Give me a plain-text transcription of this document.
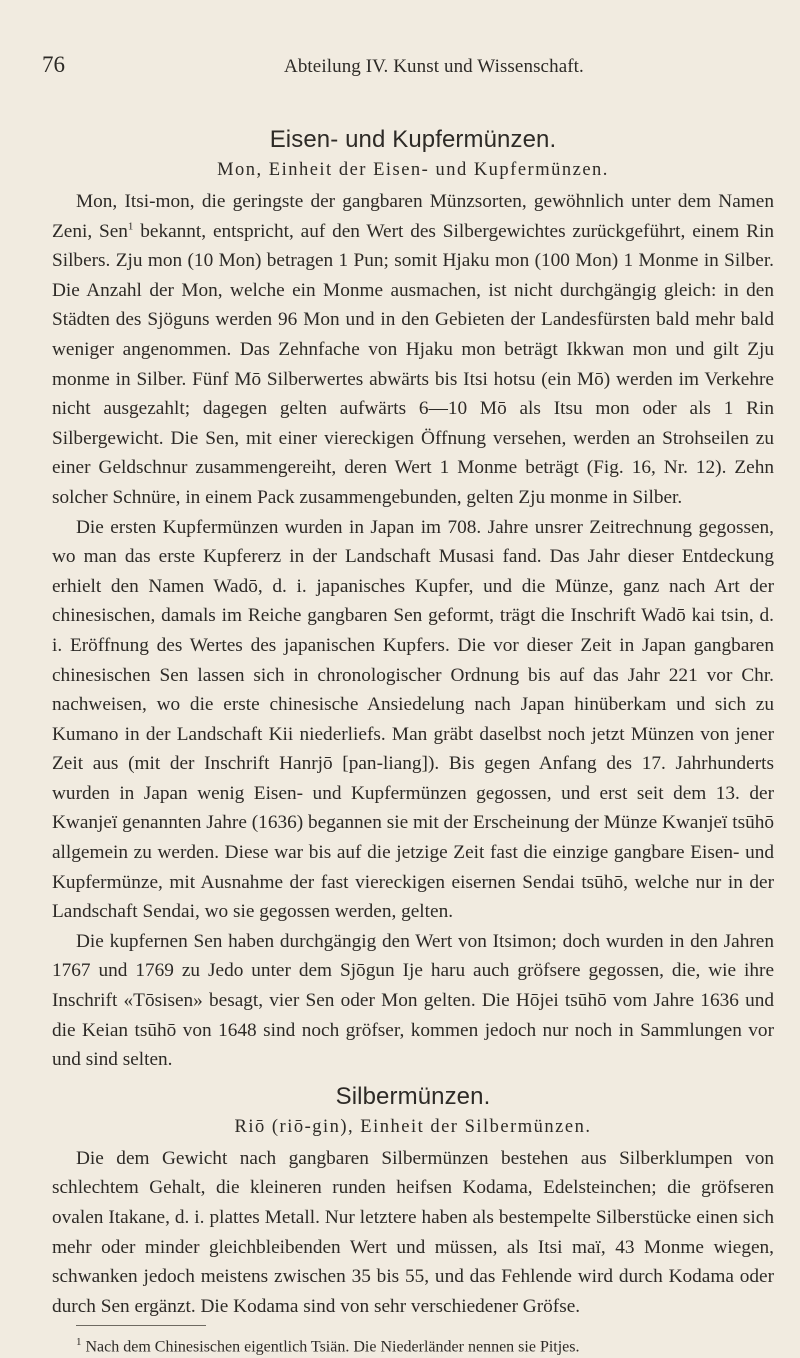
76	Abteilung IV. Kunst und Wissenschaft.
Eisen- und Kupfermünzen.
Mon, Einheit der Eisen- und Kupfermünzen.

Mon, Itsi-mon, die geringste der gangbaren Münzsorten, gewöhnlich unter dem Namen Zeni, Sen$^1$ bekannt, entspricht, auf den Wert des Silbergewichtes zurückgeführt, einem Rin Silbers. Zju mon (10 Mon) betragen 1 Pun; somit Hjaku mon (100 Mon) 1 Monme in Silber. Die Anzahl der Mon, welche ein Monme ausmachen, ist nicht durchgängig gleich: in den Städten des Sjöguns werden 96 Mon und in den Gebieten der Landesfürsten bald mehr bald weniger angenommen. Das Zehnfache von Hjaku mon beträgt Ikkwan mon und gilt Zju monme in Silber. Fünf Mō Silberwertes abwärts bis Itsi hotsu (ein Mō) werden im Verkehre nicht ausgezahlt; dagegen gelten aufwärts 6—10 Mō als Itsu mon oder als 1 Rin Silbergewicht. Die Sen, mit einer viereckigen Öffnung versehen, werden an Strohseilen zu einer Geldschnur zusammengereiht, deren Wert 1 Monme beträgt (Fig. 16, Nr. 12). Zehn solcher Schnüre, in einem Pack zusammengebunden, gelten Zju monme in Silber.

Die ersten Kupfermünzen wurden in Japan im 708. Jahre unsrer Zeitrechnung gegossen, wo man das erste Kupfererz in der Landschaft Musasi fand. Das Jahr dieser Entdeckung erhielt den Namen Wadō, d. i. japanisches Kupfer, und die Münze, ganz nach Art der chinesischen, damals im Reiche gangbaren Sen geformt, trägt die Inschrift Wadō kai tsin, d. i. Eröffnung des Wertes des japanischen Kupfers. Die vor dieser Zeit in Japan gangbaren chinesischen Sen lassen sich in chronologischer Ordnung bis auf das Jahr 221 vor Chr. nachweisen, wo die erste chinesische Ansiedelung nach Japan hinüberkam und sich zu Kumano in der Landschaft Kii niederliefs. Man gräbt daselbst noch jetzt Münzen von jener Zeit aus (mit der Inschrift Hanrjō [pan-liang]). Bis gegen Anfang des 17. Jahrhunderts wurden in Japan wenig Eisen- und Kupfermünzen gegossen, und erst seit dem 13. der Kwanjeï genannten Jahre (1636) begannen sie mit der Erscheinung der Münze Kwanjeï tsūhō allgemein zu werden. Diese war bis auf die jetzige Zeit fast die einzige gangbare Eisen- und Kupfermünze, mit Ausnahme der fast viereckigen eisernen Sendai tsūhō, welche nur in der Landschaft Sendai, wo sie gegossen werden, gelten.

Die kupfernen Sen haben durchgängig den Wert von Itsimon; doch wurden in den Jahren 1767 und 1769 zu Jedo unter dem Sjōgun Ije haru auch gröfsere gegossen, die, wie ihre Inschrift «Tōsisen» besagt, vier Sen oder Mon gelten. Die Hōjei tsūhō vom Jahre 1636 und die Keian tsūhō von 1648 sind noch gröfser, kommen jedoch nur noch in Sammlungen vor und sind selten.

Silbermünzen.
Riō (riō-gin), Einheit der Silbermünzen.

Die dem Gewicht nach gangbaren Silbermünzen bestehen aus Silberklumpen von schlechtem Gehalt, die kleineren runden heifsen Kodama, Edelsteinchen; die gröfseren ovalen Itakane, d. i. plattes Metall. Nur letztere haben als bestempelte Silberstücke einen sich mehr oder minder gleichbleibenden Wert und müssen, als Itsi maï, 43 Monme wiegen, schwanken jedoch meistens zwischen 35 bis 55, und das Fehlende wird durch Kodama oder durch Sen ergänzt. Die Kodama sind von sehr verschiedener Gröfse.

$^1$ Nach dem Chinesischen eigentlich Tsiän. Die Niederländer nennen sie Pitjes.
